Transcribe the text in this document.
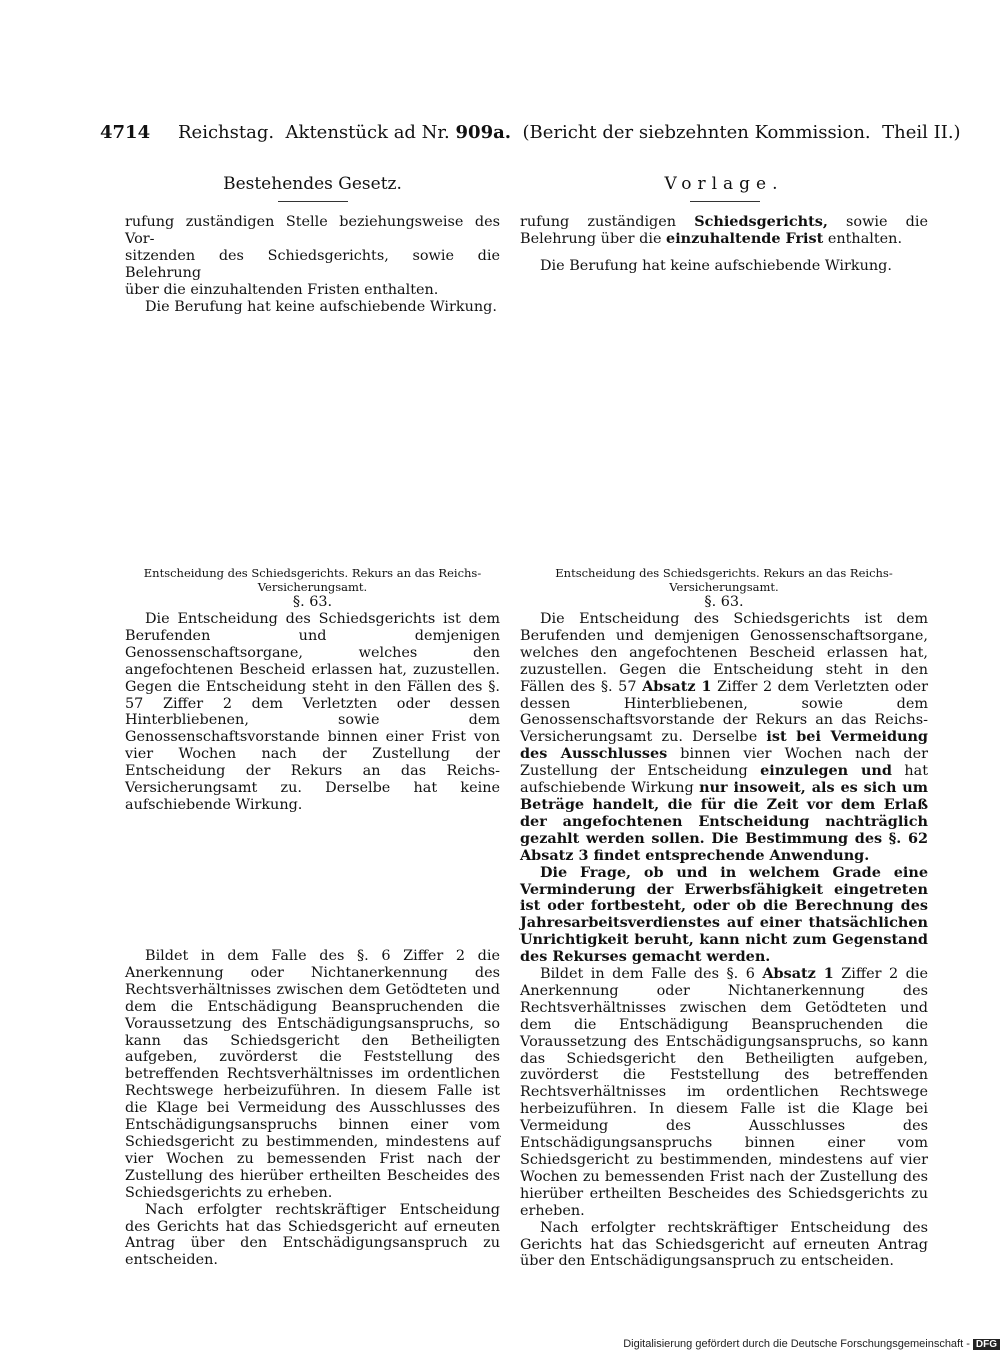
4714 Reichstag. Aktenstück ad Nr. 909a. (Bericht der siebzehnten Kommission. Theil II.)
Bestehendes Gesetz.	Vorlage.

rufung zuständigen Stelle beziehungsweise des Vor-

sitzenden des Schiedsgerichts, sowie die Belehrung

über die einzuhaltenden Fristen enthalten.

Die Berufung hat keine aufschiebende Wirkung.

Entscheidung des Schiedsgerichts. Rekurs an das Reichs-Versicherungsamt.

§. 63.

Die Entscheidung des Schiedsgerichts ist dem Berufenden und demjenigen Genossenschaftsorgane, welches den angefochtenen Bescheid erlassen hat, zuzustellen. Gegen die Entscheidung steht in den Fällen des §. 57 Ziffer 2 dem Verletzten oder dessen Hinterbliebenen, sowie dem Genossenschaftsvorstande binnen einer Frist von vier Wochen nach der Zustellung der Entscheidung der Rekurs an das Reichs-Versicherungsamt zu. Derselbe hat keine aufschiebende Wirkung.

Bildet in dem Falle des §. 6 Ziffer 2 die Anerkennung oder Nichtanerkennung des Rechtsverhältnisses zwischen dem Getödteten und dem die Entschädigung Beanspruchenden die Voraussetzung des Entschädigungsanspruchs, so kann das Schiedsgericht den Betheiligten aufgeben, zuvörderst die Feststellung des betreffenden Rechtsverhältnisses im ordentlichen Rechtswege herbeizuführen. In diesem Falle ist die Klage bei Vermeidung des Ausschlusses des Entschädigungsanspruchs binnen einer vom Schiedsgericht zu bestimmenden, mindestens auf vier Wochen zu bemessenden Frist nach der Zustellung des hierüber ertheilten Bescheides des Schiedsgerichts zu erheben.

Nach erfolgter rechtskräftiger Entscheidung des Gerichts hat das Schiedsgericht auf erneuten Antrag über den Entschädigungsanspruch zu entscheiden.

rufung zuständigen Schiedsgerichts, sowie die Belehrung über die einzuhaltende Frist enthalten.

Die Berufung hat keine aufschiebende Wirkung.

Entscheidung des Schiedsgerichts. Rekurs an das Reichs-Versicherungsamt.

§. 63.

Die Entscheidung des Schiedsgerichts ist dem Berufenden und demjenigen Genossenschaftsorgane, welches den angefochtenen Bescheid erlassen hat, zuzustellen. Gegen die Entscheidung steht in den Fällen des §. 57 Absatz 1 Ziffer 2 dem Verletzten oder dessen Hinterbliebenen, sowie dem Genossenschaftsvorstande der Rekurs an das Reichs-Versicherungsamt zu. Derselbe ist bei Vermeidung des Ausschlusses binnen vier Wochen nach der Zustellung der Entscheidung einzulegen und hat aufschiebende Wirkung nur insoweit, als es sich um Beträge handelt, die für die Zeit vor dem Erlaß der angefochtenen Entscheidung nachträglich gezahlt werden sollen. Die Bestimmung des §. 62 Absatz 3 findet entsprechende Anwendung.

Die Frage, ob und in welchem Grade eine Verminderung der Erwerbsfähigkeit eingetreten ist oder fortbesteht, oder ob die Berechnung des Jahresarbeitsverdienstes auf einer thatsächlichen Unrichtigkeit beruht, kann nicht zum Gegenstand des Rekurses gemacht werden.

Bildet in dem Falle des §. 6 Absatz 1 Ziffer 2 die Anerkennung oder Nichtanerkennung des Rechtsverhältnisses zwischen dem Getödteten und dem die Entschädigung Beanspruchenden die Voraussetzung des Entschädigungsanspruchs, so kann das Schiedsgericht den Betheiligten aufgeben, zuvörderst die Feststellung des betreffenden Rechtsverhältnisses im ordentlichen Rechtswege herbeizuführen. In diesem Falle ist die Klage bei Vermeidung des Ausschlusses des Entschädigungsanspruchs binnen einer vom Schiedsgericht zu bestimmenden, mindestens auf vier Wochen zu bemessenden Frist nach der Zustellung des hierüber ertheilten Bescheides des Schiedsgerichts zu erheben.

Nach erfolgter rechtskräftiger Entscheidung des Gerichts hat das Schiedsgericht auf erneuten Antrag über den Entschädigungsanspruch zu entscheiden.

Digitalisierung gefördert durch die Deutsche Forschungsgemeinschaft - DFG
